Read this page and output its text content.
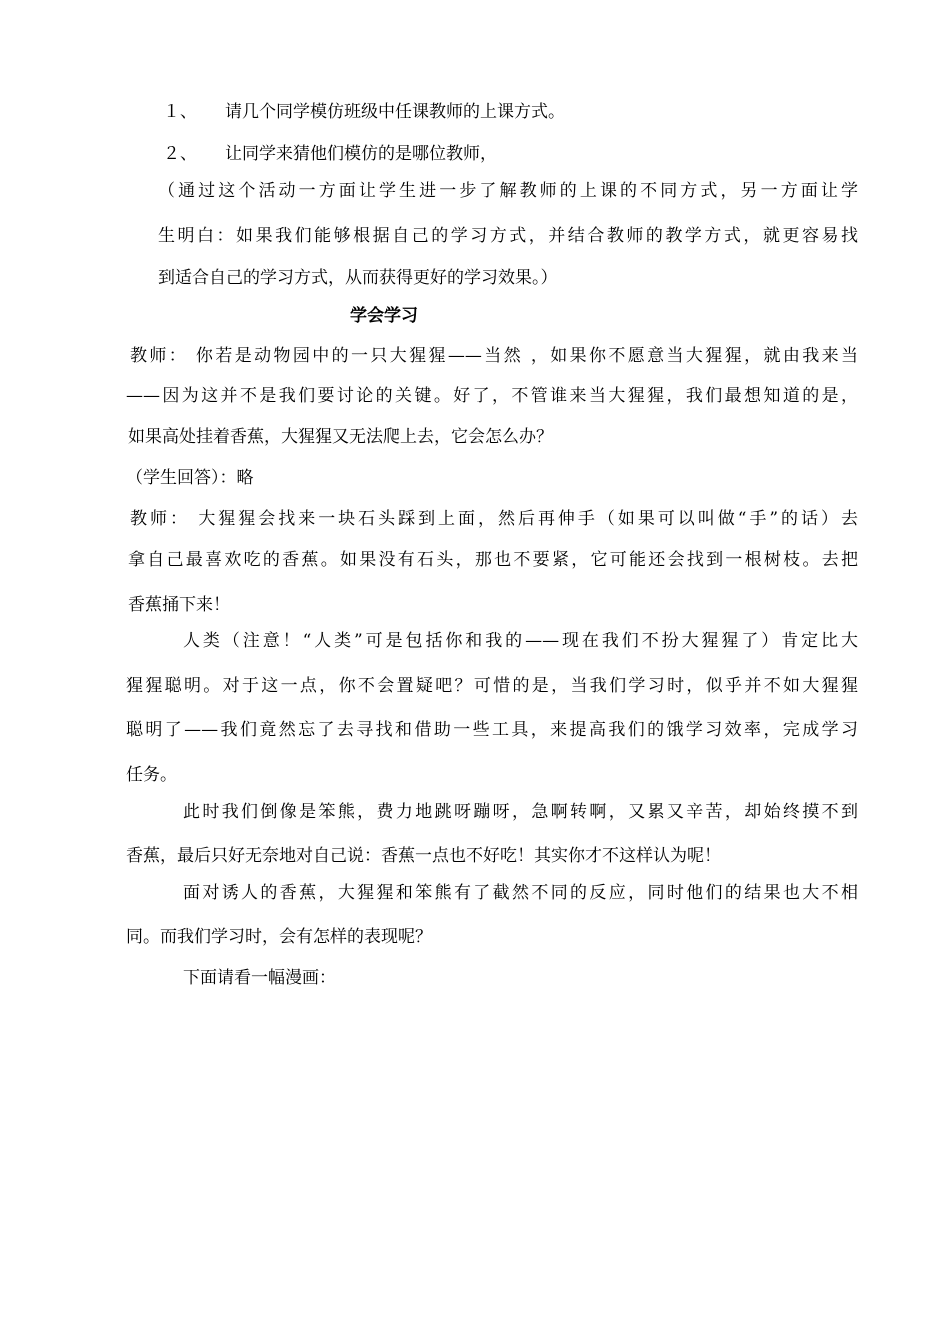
１、 请几个同学模仿班级中任课教师的上课方式。
２、 让同学来猜他们模仿的是哪位教师，
（通过这个活动一方面让学生进一步了解教师的上课的不同方式，另一方面让学
生明白：如果我们能够根据自己的学习方式，并结合教师的教学方式，就更容易找
到适合自己的学习方式，从而获得更好的学习效果。）
学会学习
教师： 你若是动物园中的一只大猩猩——当然 ，如果你不愿意当大猩猩，就由我来当
——因为这并不是我们要讨论的关键。好了，不管谁来当大猩猩，我们最想知道的是，
如果高处挂着香蕉，大猩猩又无法爬上去，它会怎么办？
（学生回答）：略
教师： 大猩猩会找来一块石头踩到上面，然后再伸手（如果可以叫做“手”的话）去
拿自己最喜欢吃的香蕉。如果没有石头，那也不要紧，它可能还会找到一根树枝。去把
香蕉捅下来！
人类（注意！“人类”可是包括你和我的——现在我们不扮大猩猩了）肯定比大
猩猩聪明。对于这一点，你不会置疑吧？可惜的是，当我们学习时，似乎并不如大猩猩
聪明了——我们竟然忘了去寻找和借助一些工具，来提高我们的饿学习效率，完成学习
任务。
此时我们倒像是笨熊，费力地跳呀蹦呀，急啊转啊，又累又辛苦，却始终摸不到
香蕉，最后只好无奈地对自己说：香蕉一点也不好吃！其实你才不这样认为呢！
面对诱人的香蕉，大猩猩和笨熊有了截然不同的反应，同时他们的结果也大不相
同。而我们学习时，会有怎样的表现呢？
下面请看一幅漫画：
